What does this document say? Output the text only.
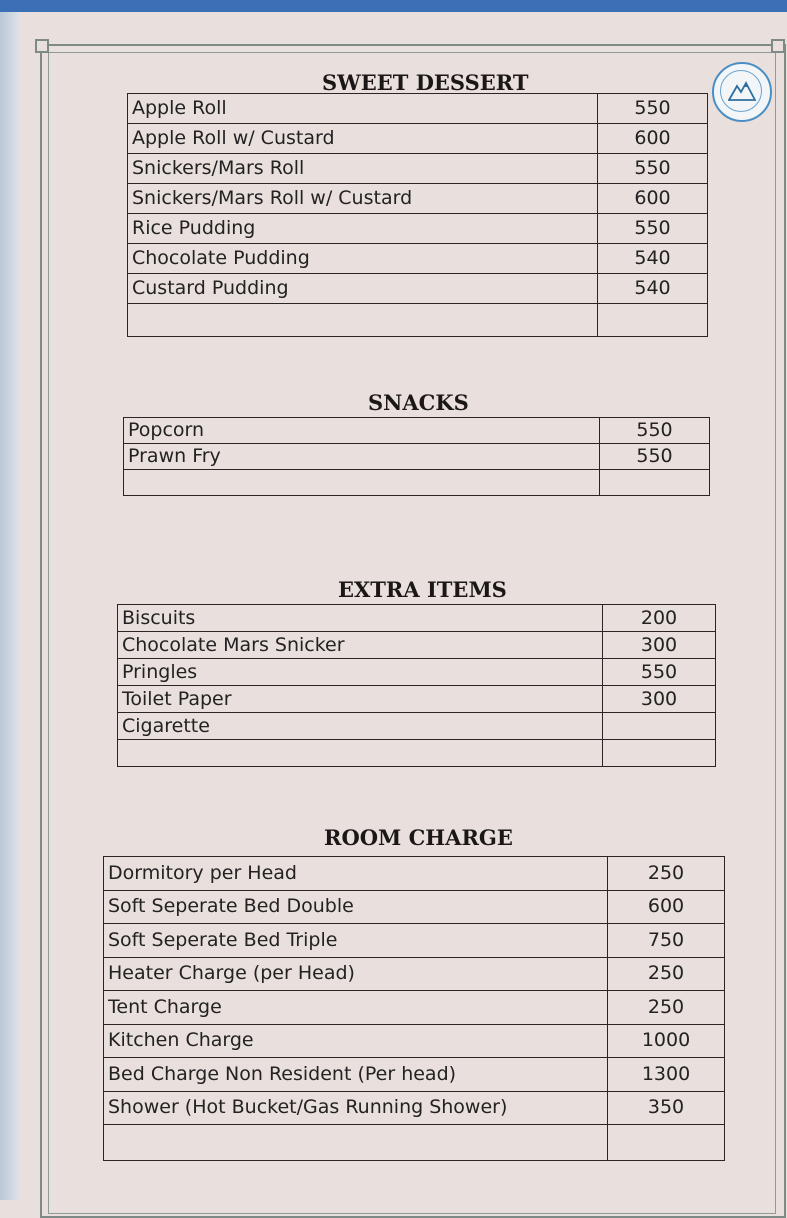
SWEET DESSERT
Apple Roll	550
Apple Roll w/ Custard	600
Snickers/Mars Roll	550
Snickers/Mars Roll w/ Custard	600
Rice Pudding	550
Chocolate Pudding	540
Custard Pudding	540

SNACKS
Popcorn	550
Prawn Fry	550

EXTRA ITEMS
Biscuits	200
Chocolate Mars Snicker	300
Pringles	550
Toilet Paper	300
Cigarette	

ROOM CHARGE
Dormitory per Head	250
Soft Seperate Bed Double	600
Soft Seperate Bed Triple	750
Heater Charge (per Head)	250
Tent Charge	250
Kitchen Charge	1000
Bed Charge Non Resident (Per head)	1300
Shower (Hot Bucket/Gas Running Shower)	350
